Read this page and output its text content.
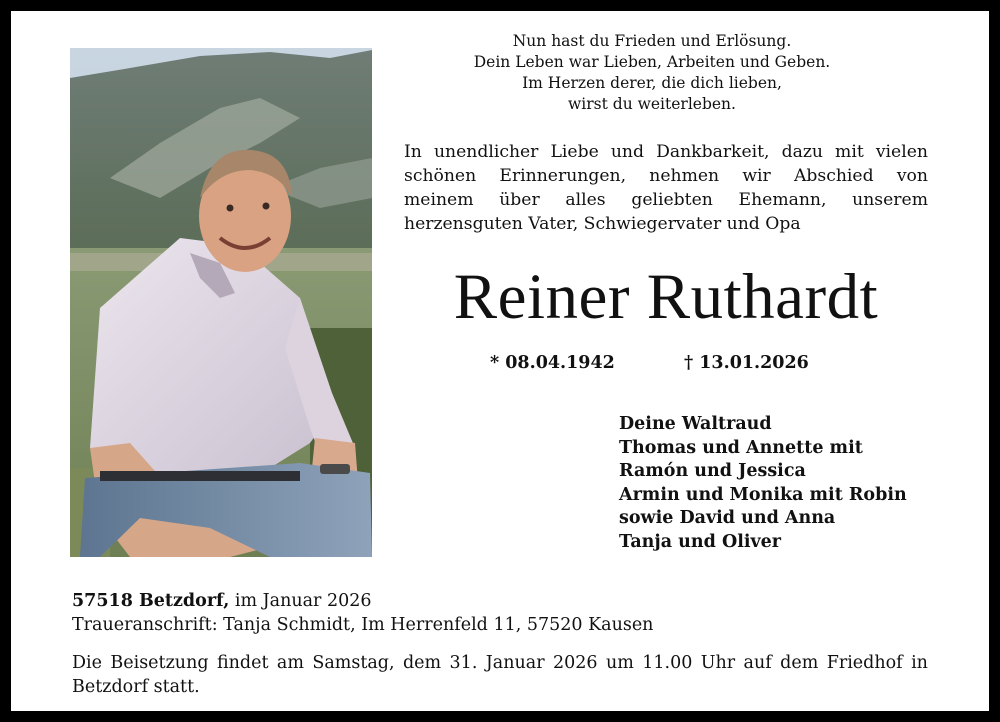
Nun hast du Frieden und Erlösung.
Dein Leben war Lieben, Arbeiten und Geben.
Im Herzen derer, die dich lieben,
wirst du weiterleben.
In unendlicher Liebe und Dankbarkeit, dazu mit vielen
schönen Erinnerungen, nehmen wir Abschied von
meinem über alles geliebten Ehemann, unserem
herzensguten Vater, Schwiegervater und Opa
Reiner Ruthardt
* 08.04.1942	† 13.01.2026
Deine Waltraud
Thomas und Annette mit
Ramón und Jessica
Armin und Monika mit Robin
sowie David und Anna
Tanja und Oliver
57518 Betzdorf, im Januar 2026
Traueranschrift: Tanja Schmidt, Im Herrenfeld 11, 57520 Kausen
Die Beisetzung findet am Samstag, dem 31. Januar 2026 um 11.00 Uhr auf dem Friedhof in
Betzdorf statt.
